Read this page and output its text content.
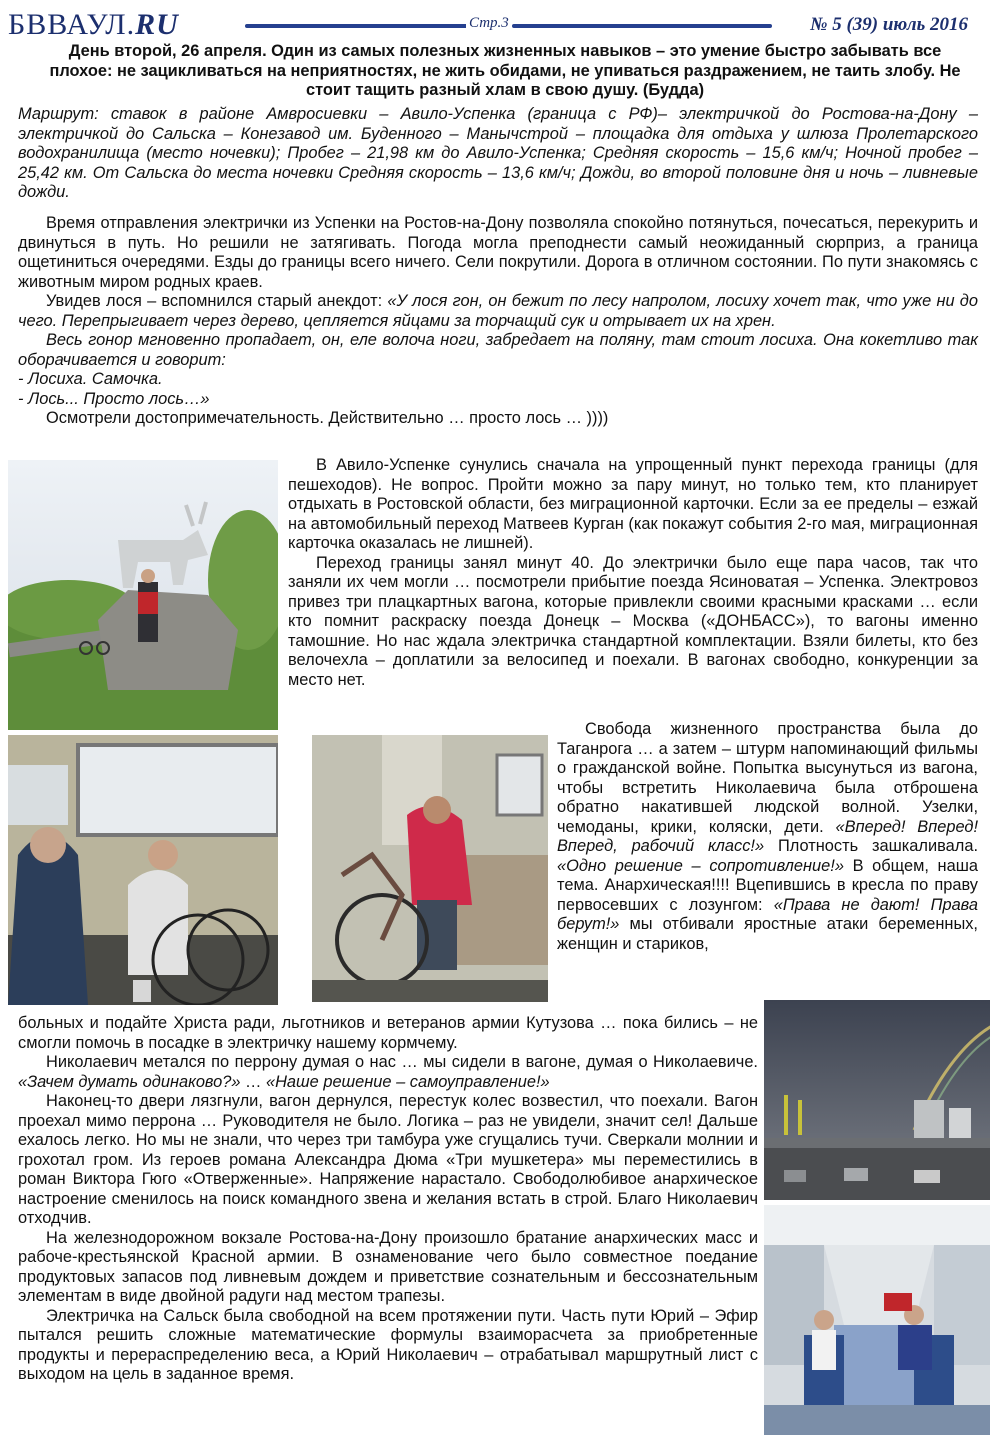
БВВАУЛ.RU	Стр.3	№ 5 (39) июль 2016
День второй, 26 апреля. Один из самых полезных жизненных навыков – это умение быстро забывать все плохое: не зацикливаться на неприятностях, не жить обидами, не упиваться раздражением, не таить злобу. Не стоит тащить разный хлам в свою душу. (Будда)
Маршрут: ставок в районе Амвросиевки – Авило-Успенка (граница с РФ)– электричкой до Ростова-на-Дону – электричкой до Сальска – Конезавод им. Буденного – Манычстрой – площадка для отдыха у шлюза Пролетарского водохранилища (место ночевки); Пробег – 21,98 км до Авило-Успенка; Средняя скорость – 15,6 км/ч; Ночной пробег – 25,42 км. От Сальска до места ночевки Средняя скорость – 13,6 км/ч; Дожди, во второй половине дня и ночь – ливневые дожди.

Время отправления электрички из Успенки на Ростов-на-Дону позволяла спокойно потянуться, почесаться, перекурить и двинуться в путь. Но решили не затягивать. Погода могла преподнести самый неожиданный сюрприз, а граница ощетиниться очередями. Езды до границы всего ничего. Сели покрутили. Дорога в отличном состоянии. По пути знакомясь с животным миром родных краев.

Увидев лося – вспомнился старый анекдот: «У лося гон, он бежит по лесу напролом, лосиху хочет так, что уже ни до чего. Перепрыгивает через дерево, цепляется яйцами за торчащий сук и отрывает их на хрен.

Весь гонор мгновенно пропадает, он, еле волоча ноги, забредает на поляну, там стоит лосиха. Она кокетливо так оборачивается и говорит:

- Лосиха. Самочка.

- Лось... Просто лось…»

Осмотрели достопримечательность. Действительно … просто лось … ))))

В Авило-Успенке сунулись сначала на упрощенный пункт перехода границы (для пешеходов). Не вопрос. Пройти можно за пару минут, но только тем, кто планирует отдыхать в Ростовской области, без миграционной карточки. Если за ее пределы – езжай на автомобильный переход Матвеев Курган (как покажут события 2-го мая, миграционная карточка оказалась не лишней).

Переход границы занял минут 40. До электрички было еще пара часов, так что заняли их чем могли … посмотрели прибытие поезда Ясиноватая – Успенка. Электровоз привез три плацкартных вагона, которые привлекли своими красными красками … если кто помнит раскраску поезда Донецк – Москва («ДОНБАСС»), то вагоны именно тамошние. Но нас ждала электричка стандартной комплектации. Взяли билеты, кто без велочехла – доплатили за велосипед и поехали. В вагонах свободно, конкуренции за место нет.

Свобода жизненного пространства была до Таганрога … а затем – штурм напоминающий фильмы о гражданской войне. Попытка высунуться из вагона, чтобы встретить Николаевича была отброшена обратно накатившей людской волной. Узелки, чемоданы, крики, коляски, дети. «Вперед! Вперед! Вперед, рабочий класс!» Плотность зашкаливала. «Одно решение – сопротивление!» В общем, наша тема. Анархическая!!!! Вцепившись в кресла по праву первосевших с лозунгом: «Права не дают! Права берут!» мы отбивали яростные атаки беременных, женщин и стариков,

больных и подайте Христа ради, льготников и ветеранов армии Кутузова … пока бились – не смогли помочь в посадке в электричку нашему кормчему.

Николаевич метался по перрону думая о нас … мы сидели в вагоне, думая о Николаевиче. «Зачем думать одинаково?» … «Наше решение – самоуправление!»

Наконец-то двери лязгнули, вагон дернулся, перестук колес возвестил, что поехали. Вагон проехал мимо перрона … Руководителя не было. Логика – раз не увидели, значит сел! Дальше ехалось легко. Но мы не знали, что через три тамбура уже сгущались тучи. Сверкали молнии и грохотал гром. Из героев романа Александра Дюма «Три мушкетера» мы переместились в роман Виктора Гюго «Отверженные». Напряжение нарастало. Свободолюбивое анархическое настроение сменилось на поиск командного звена и желания встать в строй. Благо Николаевич отходчив.

На железнодорожном вокзале Ростова-на-Дону произошло братание анархических масс и рабоче-крестьянской Красной армии. В ознаменование чего было совместное поедание продуктовых запасов под ливневым дождем и приветствие сознательным и бессознательным элементам в виде двойной радуги над местом трапезы.

Электричка на Сальск была свободной на всем протяжении пути. Часть пути Юрий – Эфир пытался решить сложные математические формулы взаиморасчета за приобретенные продукты и перераспределению веса, а Юрий Николаевич – отрабатывал маршрутный лист с выходом на цель в заданное время.
